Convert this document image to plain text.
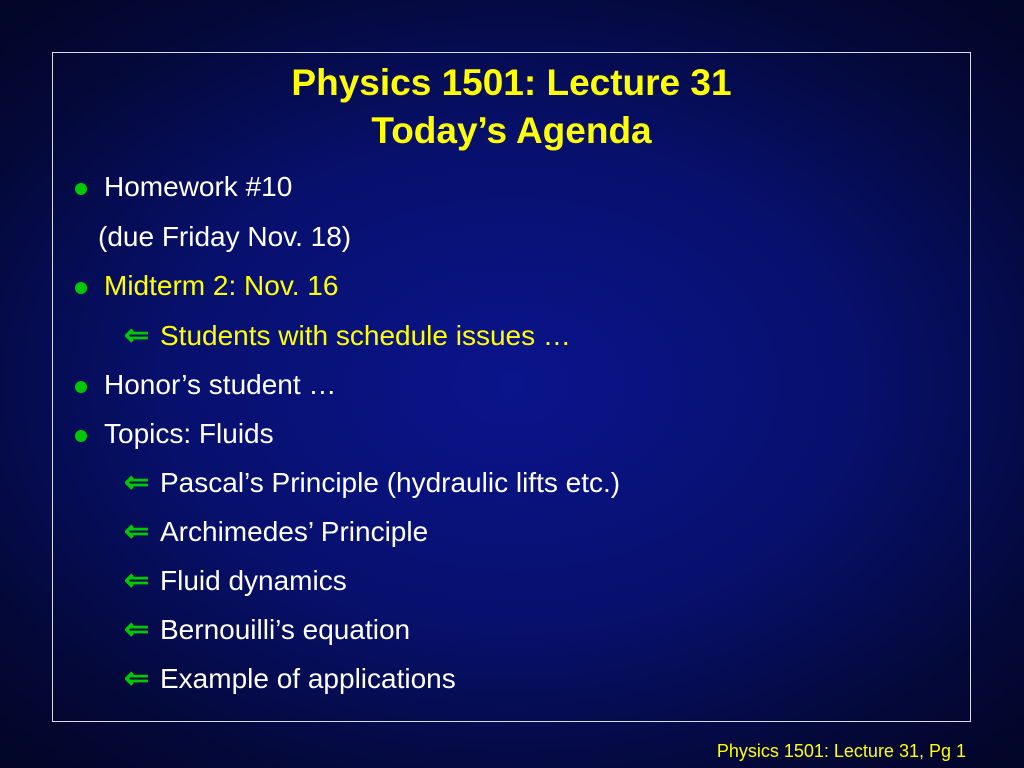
Physics 1501: Lecture 31
Today’s Agenda
Homework #10
(due Friday Nov. 18)
Midterm 2: Nov. 16
⇐ Students with schedule issues …
Honor’s student …
Topics: Fluids
⇐ Pascal’s Principle (hydraulic lifts etc.)
⇐ Archimedes’ Principle
⇐ Fluid dynamics
⇐ Bernouilli’s equation
⇐ Example of applications
Physics 1501: Lecture 31, Pg 1
